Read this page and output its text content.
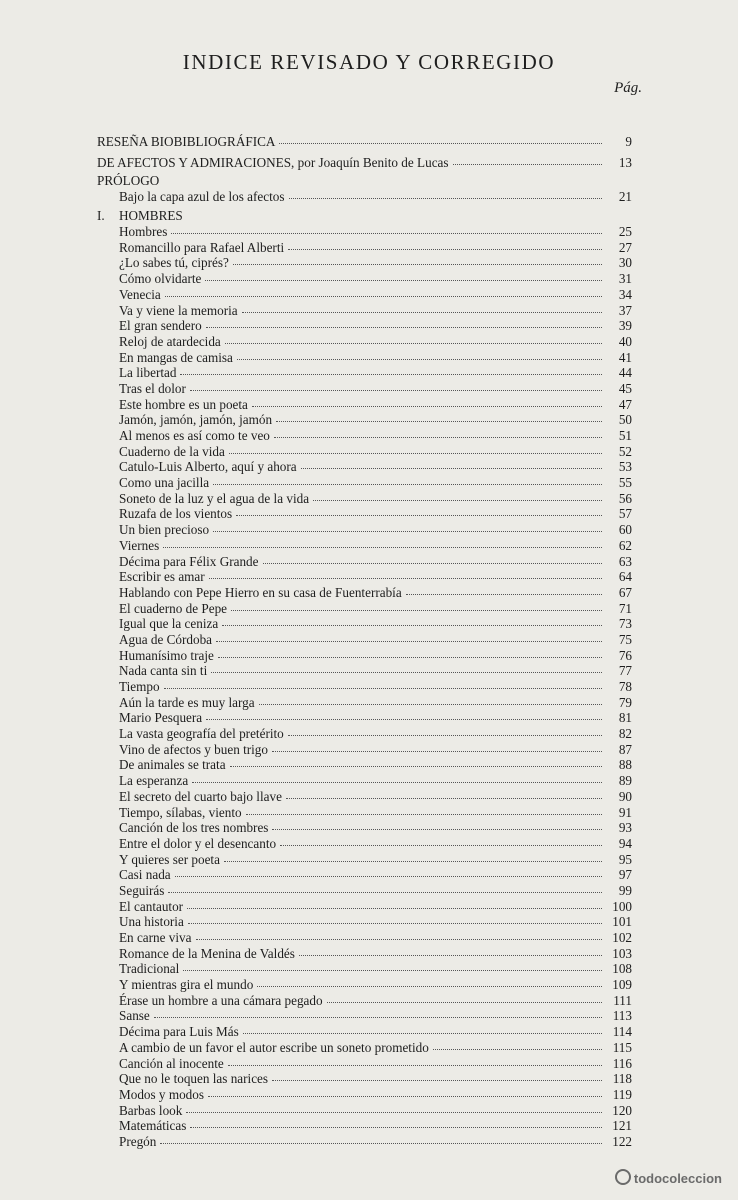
INDICE REVISADO Y CORREGIDO
Pág.
RESEÑA BIOBIBLIOGRÁFICA	9
DE AFECTOS Y ADMIRACIONES, por Joaquín Benito de Lucas	13
PRÓLOGO
Bajo la capa azul de los afectos	21
I.	HOMBRES
Hombres	25
Romancillo para Rafael Alberti	27
¿Lo sabes tú, ciprés?	30
Cómo olvidarte	31
Venecia	34
Va y viene la memoria	37
El gran sendero	39
Reloj de atardecida	40
En mangas de camisa	41
La libertad	44
Tras el dolor	45
Este hombre es un poeta	47
Jamón, jamón, jamón, jamón	50
Al menos es así como te veo	51
Cuaderno de la vida	52
Catulo-Luis Alberto, aquí y ahora	53
Como una jacilla	55
Soneto de la luz y el agua de la vida	56
Ruzafa de los vientos	57
Un bien precioso	60
Viernes	62
Décima para Félix Grande	63
Escribir es amar	64
Hablando con Pepe Hierro en su casa de Fuenterrabía	67
El cuaderno de Pepe	71
Igual que la ceniza	73
Agua de Córdoba	75
Humanísimo traje	76
Nada canta sin ti	77
Tiempo	78
Aún la tarde es muy larga	79
Mario Pesquera	81
La vasta geografía del pretérito	82
Vino de afectos y buen trigo	87
De animales se trata	88
La esperanza	89
El secreto del cuarto bajo llave	90
Tiempo, sílabas, viento	91
Canción de los tres nombres	93
Entre el dolor y el desencanto	94
Y quieres ser poeta	95
Casi nada	97
Seguirás	99
El cantautor	100
Una historia	101
En carne viva	102
Romance de la Menina de Valdés	103
Tradicional	108
Y mientras gira el mundo	109
Érase un hombre a una cámara pegado	111
Sanse	113
Décima para Luis Más	114
A cambio de un favor el autor escribe un soneto prometido	115
Canción al inocente	116
Que no le toquen las narices	118
Modos y modos	119
Barbas look	120
Matemáticas	121
Pregón	122
todocoleccion
